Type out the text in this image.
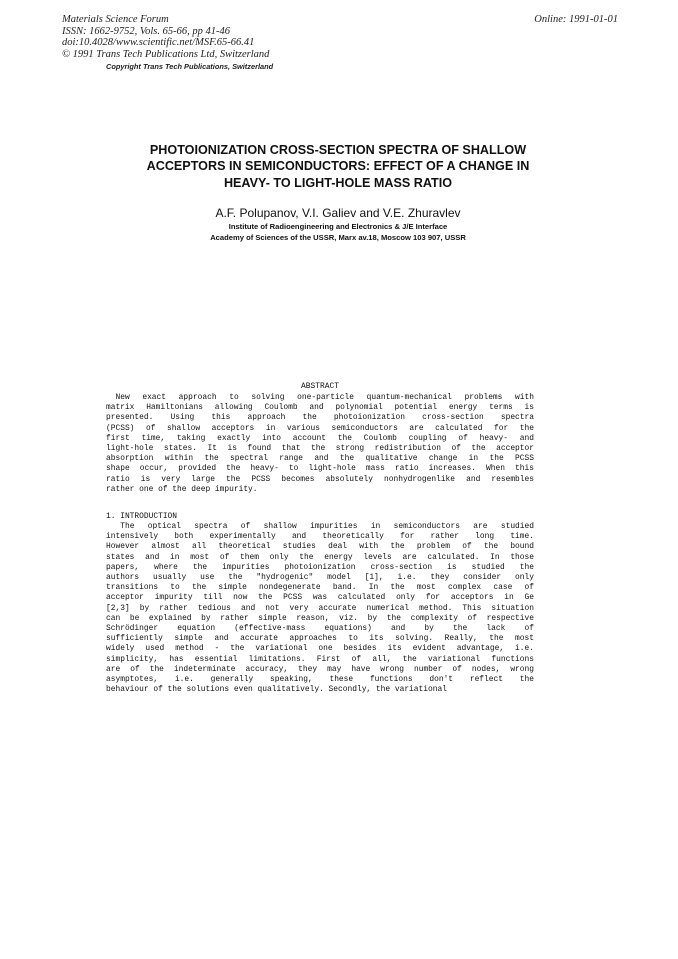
Materials Science Forum
ISSN: 1662-9752, Vols. 65-66, pp 41-46
doi:10.4028/www.scientific.net/MSF.65-66.41
© 1991 Trans Tech Publications Ltd, Switzerland
Copyright Trans Tech Publications, Switzerland
Online: 1991-01-01
PHOTOIONIZATION CROSS-SECTION SPECTRA OF SHALLOW
ACCEPTORS IN SEMICONDUCTORS: EFFECT OF A CHANGE IN
HEAVY- TO LIGHT-HOLE MASS RATIO
A.F. Polupanov, V.I. Galiev and V.E. Zhuravlev
Institute of Radioengineering and Electronics & J/E Interface
Academy of Sciences of the USSR, Marx av.18, Moscow 103 907, USSR
ABSTRACT
New exact approach to solving one-particle quantum-mechanical problems with
matrix Hamiltonians allowing Coulomb and polynomial potential energy terms is
presented. Using this approach the photoionization cross-section spectra
(PCSS) of shallow acceptors in various semiconductors are calculated for the
first time, taking exactly into account the Coulomb coupling of heavy- and
light-hole states. It is found that the strong redistribution of the acceptor
absorption within the spectral range and the qualitative change in the PCSS
shape occur, provided the heavy- to light-hole mass ratio increases. When this
ratio is very large the PCSS becomes absolutely nonhydrogenlike and resembles
rather one of the deep impurity.
1. INTRODUCTION
The optical spectra of shallow impurities in semiconductors are studied
intensively both experimentally and theoretically for rather long time.
However almost all theoretical studies deal with the problem of the bound
states and in most of them only the energy levels are calculated. In those
papers, where the impurities photoionization cross-section is studied the
authors usually use the "hydrogenic" model [1], i.e. they consider only
transitions to the simple nondegenerate band. In the most complex case of
acceptor impurity till now the PCSS was calculated only for acceptors in Ge
[2,3] by rather tedious and not very accurate numerical method. This situation
can be explained by rather simple reason, viz. by the complexity of respective
Schrödinger equation (effective-mass equations) and by the lack of
sufficiently simple and accurate approaches to its solving. Really, the most
widely used method - the variational one besides its evident advantage, i.e.
simplicity, has essential limitations. First of all, the variational functions
are of the indeterminate accuracy, they may have wrong number of nodes, wrong
asymptotes, i.e. generally speaking, these functions don't reflect the
behaviour of the solutions even qualitatively. Secondly, the variational
